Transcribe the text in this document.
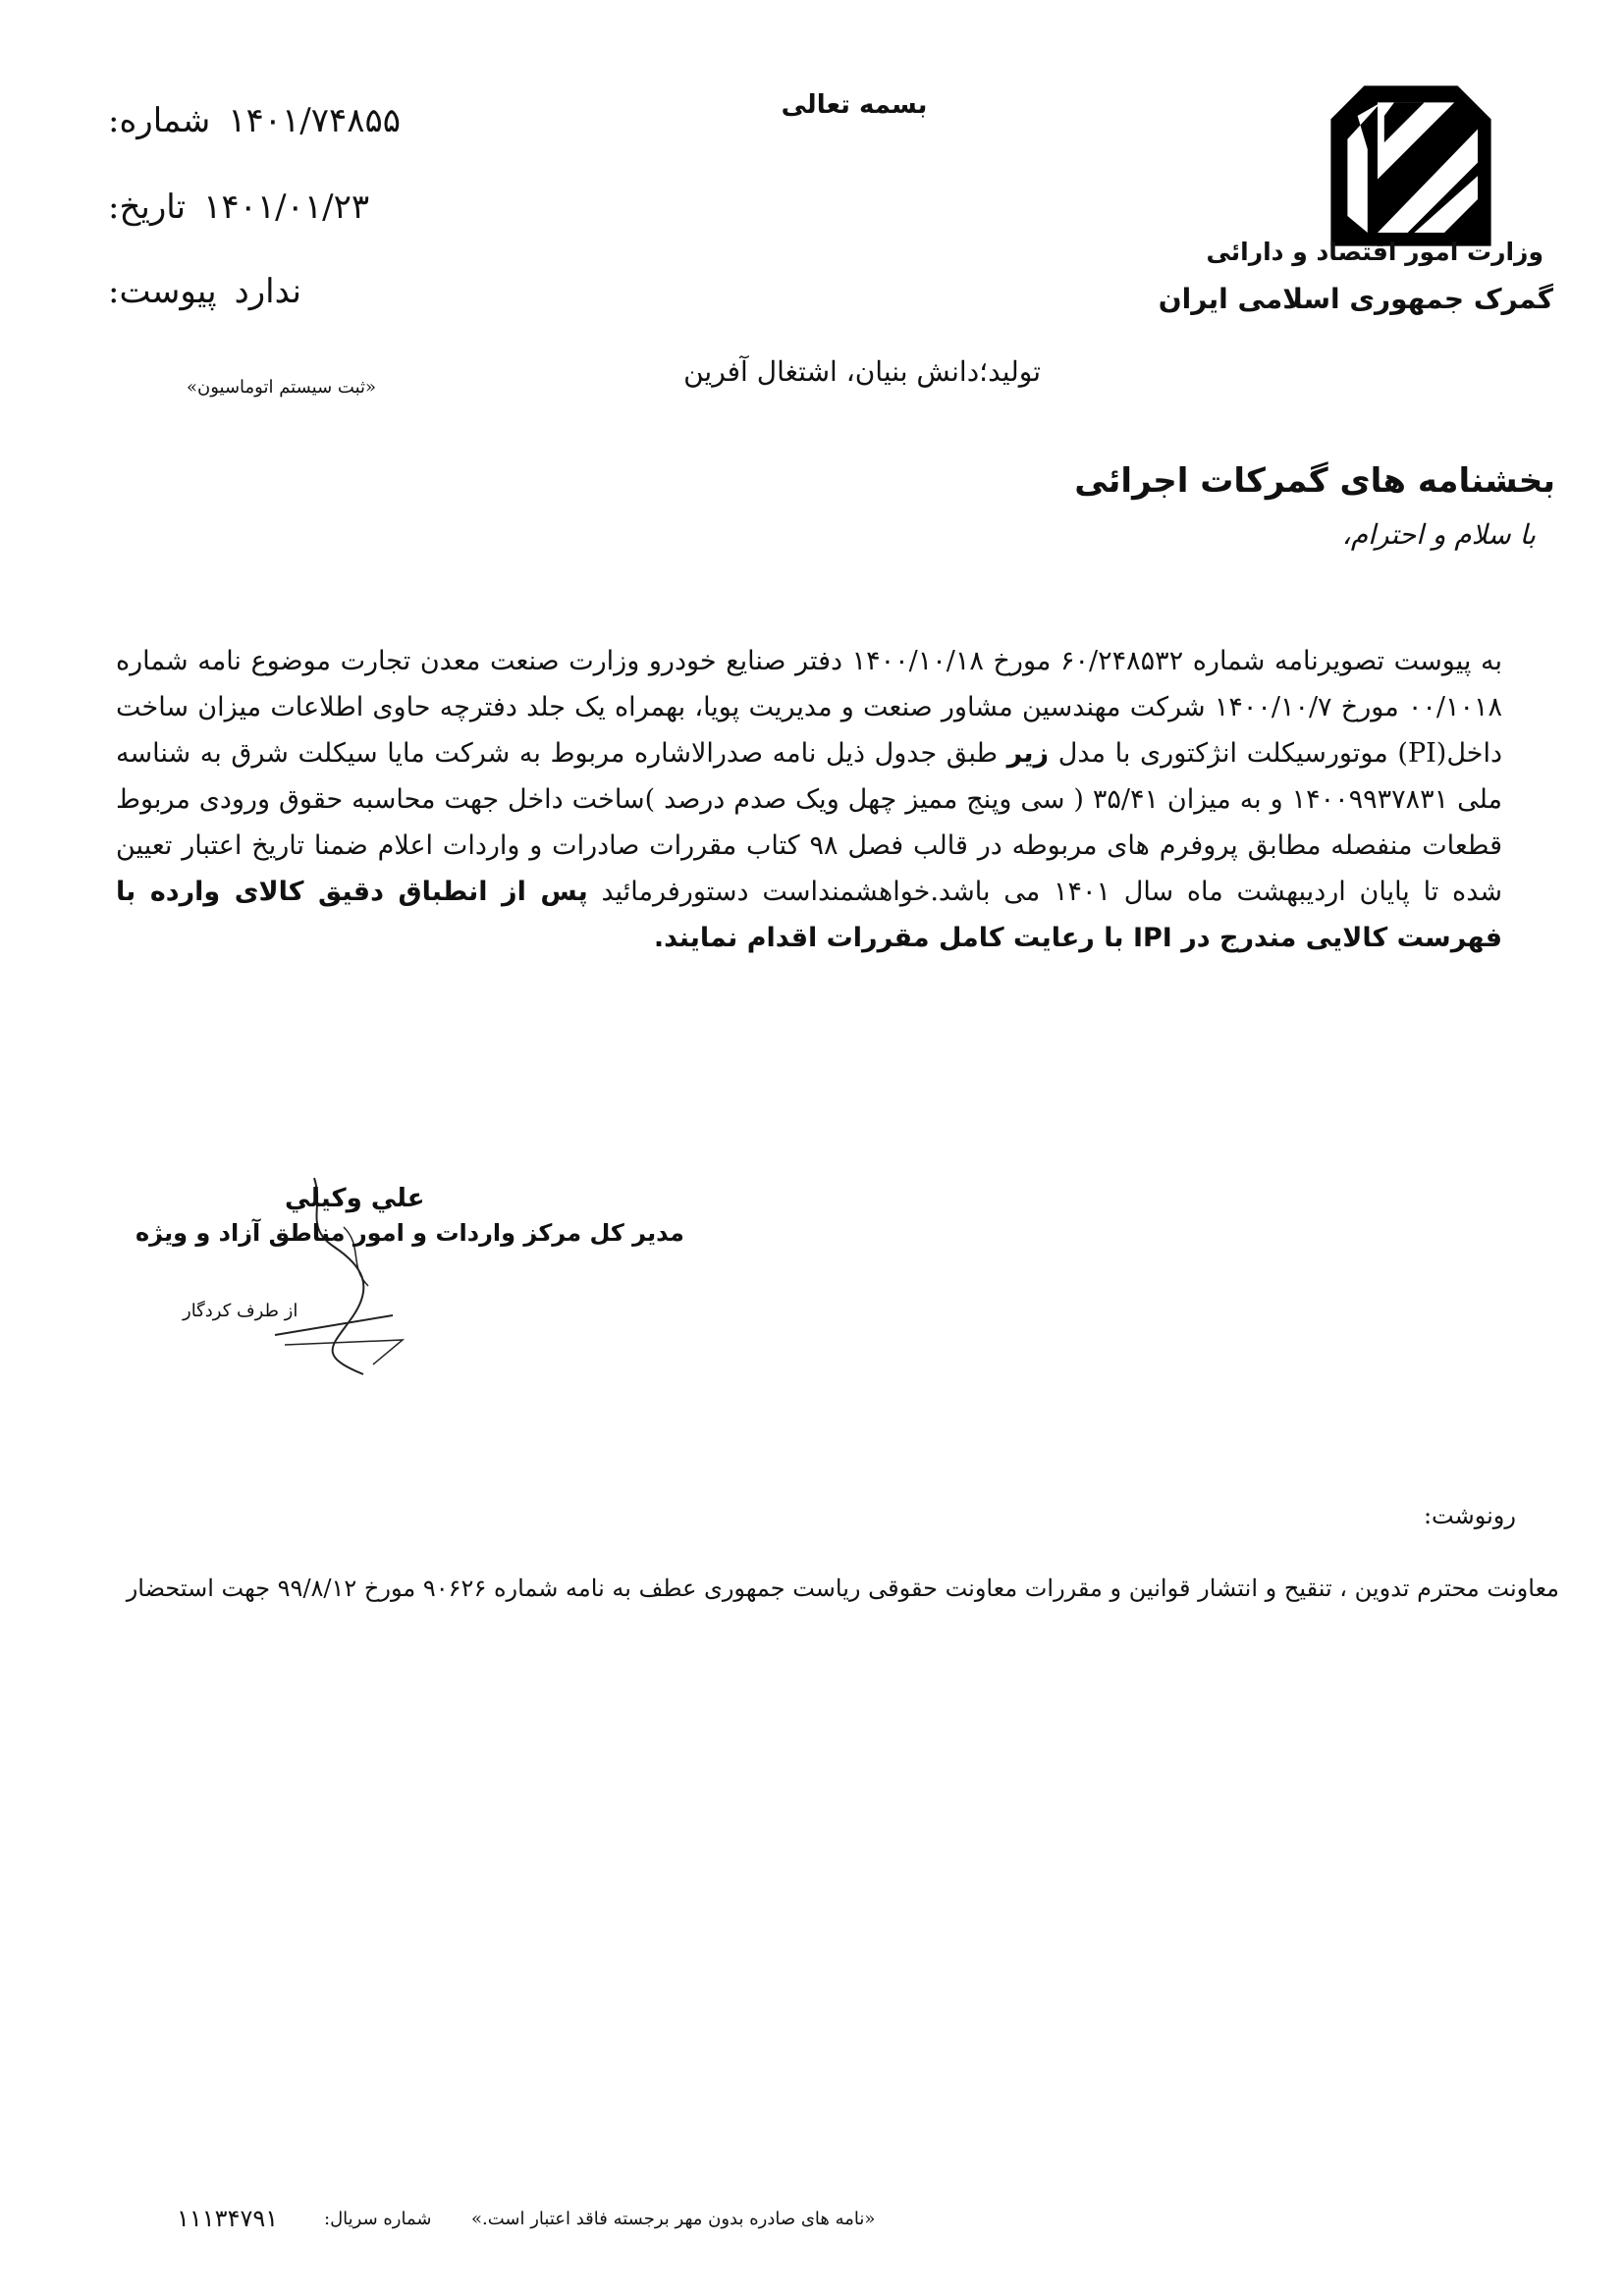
وزارت امور اقتصاد و دارائی
گمرک جمهوری اسلامی ایران
بسمه تعالی
شماره: ۱۴۰۱/۷۴۸۵۵
تاریخ: ۱۴۰۱/۰۱/۲۳
پیوست: ندارد
«ثبت سیستم اتوماسیون»	تولید؛دانش بنیان، اشتغال آفرین
بخشنامه های گمرکات اجرائی
با سلام و احترام،
به پیوست تصویرنامه شماره ۶۰/۲۴۸۵۳۲ مورخ ۱۴۰۰/۱۰/۱۸ دفتر صنایع خودرو وزارت صنعت معدن تجارت موضوع نامه شماره ۰۰/۱۰۱۸ مورخ ۱۴۰۰/۱۰/۷ شرکت مهندسین مشاور صنعت و مدیریت پویا، بهمراه یک جلد دفترچه حاوی اطلاعات میزان ساخت داخل(PI) موتورسیکلت انژکتوری با مدل زیر طبق جدول ذیل نامه صدرالاشاره مربوط به شرکت مایا سیکلت شرق به شناسه ملی ۱۴۰۰۹۹۳۷۸۳۱ و به میزان ۳۵/۴۱ ( سی وپنج ممیز چهل ویک صدم درصد )ساخت داخل جهت محاسبه حقوق ورودی مربوط قطعات منفصله مطابق پروفرم های مربوطه در قالب فصل ۹۸ کتاب مقررات صادرات و واردات اعلام ضمنا تاریخ اعتبار تعیین شده تا پایان اردیبهشت ماه سال ۱۴۰۱ می باشد.خواهشمنداست دستورفرمائید پس از انطباق دقیق کالای وارده با فهرست کالایی مندرج در IPI با رعایت کامل مقررات اقدام نمایند.
علي وكيلي
مدیر کل مرکز واردات و امور مناطق آزاد و ویژه
از طرف کردگار
رونوشت:
معاونت محترم تدوین ، تنقیح و انتشار قوانین و مقررات معاونت حقوقی ریاست جمهوری عطف به نامه شماره ۹۰۶۲۶ مورخ ۹۹/۸/۱۲ جهت استحضار
«نامه های صادره بدون مهر برجسته فاقد اعتبار است.»
شماره سریال:
۱۱۱۳۴۷۹۱
